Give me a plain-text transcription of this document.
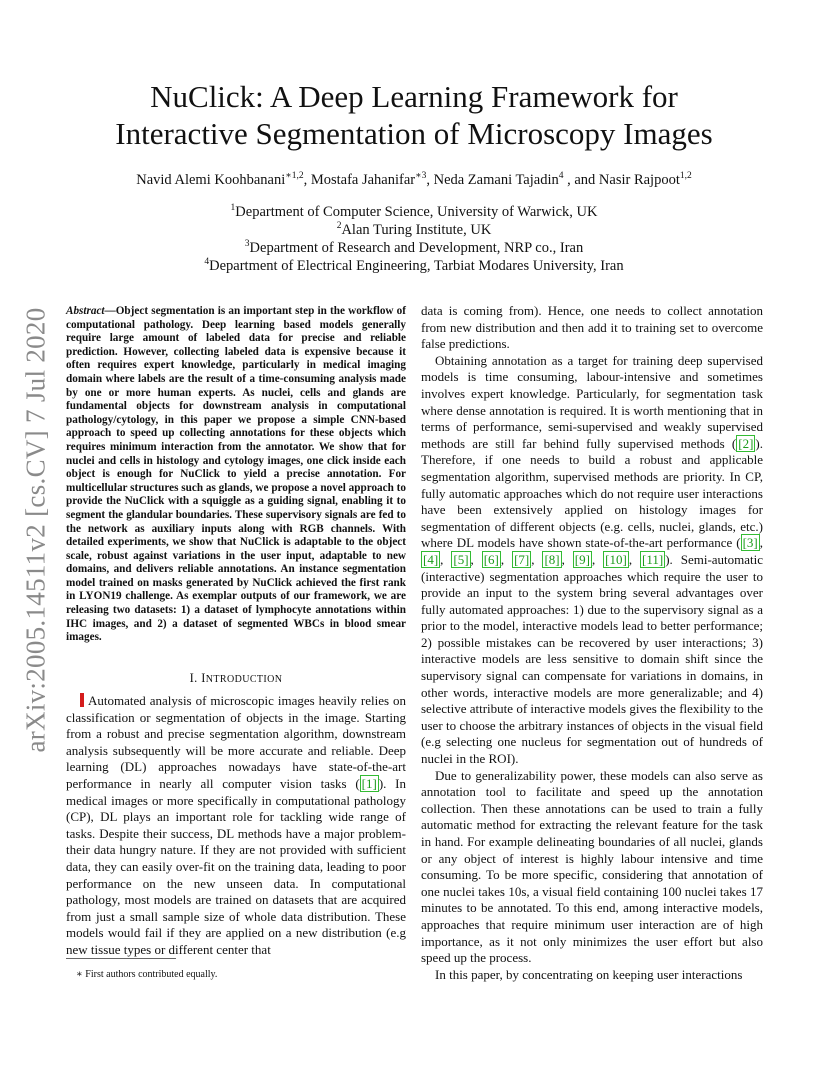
arXiv:2005.14511v2 [cs.CV] 7 Jul 2020
NuClick: A Deep Learning Framework for
Interactive Segmentation of Microscopy Images
Navid Alemi Koohbanani$^{∗1,2}$, Mostafa Jahanifar$^{∗3}$, Neda Zamani Tajadin$^4$ , and Nasir Rajpoot$^{1,2}$
$^1$Department of Computer Science, University of Warwick, UK
$^2$Alan Turing Institute, UK
$^3$Department of Research and Development, NRP co., Iran
$^4$Department of Electrical Engineering, Tarbiat Modares University, Iran
Abstract—Object segmentation is an important step in the workflow of computational pathology. Deep learning based models generally require large amount of labeled data for precise and reliable prediction. However, collecting labeled data is expensive because it often requires expert knowledge, particularly in medical imaging domain where labels are the result of a time-consuming analysis made by one or more human experts. As nuclei, cells and glands are fundamental objects for downstream analysis in computational pathology/cytology, in this paper we propose a simple CNN-based approach to speed up collecting annotations for these objects which requires minimum interaction from the annotator. We show that for nuclei and cells in histology and cytology images, one click inside each object is enough for NuClick to yield a precise annotation. For multicellular structures such as glands, we propose a novel approach to provide the NuClick with a squiggle as a guiding signal, enabling it to segment the glandular boundaries. These supervisory signals are fed to the network as auxiliary inputs along with RGB channels. With detailed experiments, we show that NuClick is adaptable to the object scale, robust against variations in the user input, adaptable to new domains, and delivers reliable annotations. An instance segmentation model trained on masks generated by NuClick achieved the first rank in LYON19 challenge. As exemplar outputs of our framework, we are releasing two datasets: 1) a dataset of lymphocyte annotations within IHC images, and 2) a dataset of segmented WBCs in blood smear images.
I. INTRODUCTION

Automated analysis of microscopic images heavily relies on classification or segmentation of objects in the image. Starting from a robust and precise segmentation algorithm, downstream analysis subsequently will be more accurate and reliable. Deep learning (DL) approaches nowadays have state-of-the-art performance in nearly all computer vision tasks ( [1] ). In medical images or more specifically in computational pathology (CP), DL plays an important role for tackling wide range of tasks. Despite their success, DL methods have a major problem-their data hungry nature. If they are not provided with sufficient data, they can easily over-fit on the training data, leading to poor performance on the new unseen data. In computational pathology, most models are trained on datasets that are acquired from just a small sample size of whole data distribution. These models would fail if they are applied on a new distribution (e.g new tissue types or different center that

data is coming from). Hence, one needs to collect annotation from new distribution and then add it to training set to overcome false predictions.

Obtaining annotation as a target for training deep supervised models is time consuming, labour-intensive and sometimes involves expert knowledge. Particularly, for segmentation task where dense annotation is required. It is worth mentioning that in terms of performance, semi-supervised and weakly supervised methods are still far behind fully supervised methods ( [2] ). Therefore, if one needs to build a robust and applicable segmentation algorithm, supervised methods are priority. In CP, fully automatic approaches which do not require user interactions have been extensively applied on histology images for segmentation of different objects (e.g. cells, nuclei, glands, etc.) where DL models have shown state-of-the-art performance ( [3] , [4] , [5] , [6] , [7] , [8] , [9] , [10] , [11] ). Semi-automatic (interactive) segmentation approaches which require the user to provide an input to the system bring several advantages over fully automated approaches: 1) due to the supervisory signal as a prior to the model, interactive models lead to better performance; 2) possible mistakes can be recovered by user interactions; 3) interactive models are less sensitive to domain shift since the supervisory signal can compensate for variations in domains, in other words, interactive models are more generalizable; and 4) selective attribute of interactive models gives the flexibility to the user to choose the arbitrary instances of objects in the visual field (e.g selecting one nucleus for segmentation out of hundreds of nuclei in the ROI).

Due to generalizability power, these models can also serve as annotation tool to facilitate and speed up the annotation collection. Then these annotations can be used to train a fully automatic method for extracting the relevant feature for the task in hand. For example delineating boundaries of all nuclei, glands or any object of interest is highly labour intensive and time consuming. To be more specific, considering that annotation of one nuclei takes 10s, a visual field containing 100 nuclei takes 17 minutes to be annotated. To this end, among interactive models, approaches that require minimum user interaction are of high importance, as it not only minimizes the user effort but also speed up the process.

In this paper, by concentrating on keeping user interactions

∗ First authors contributed equally.
